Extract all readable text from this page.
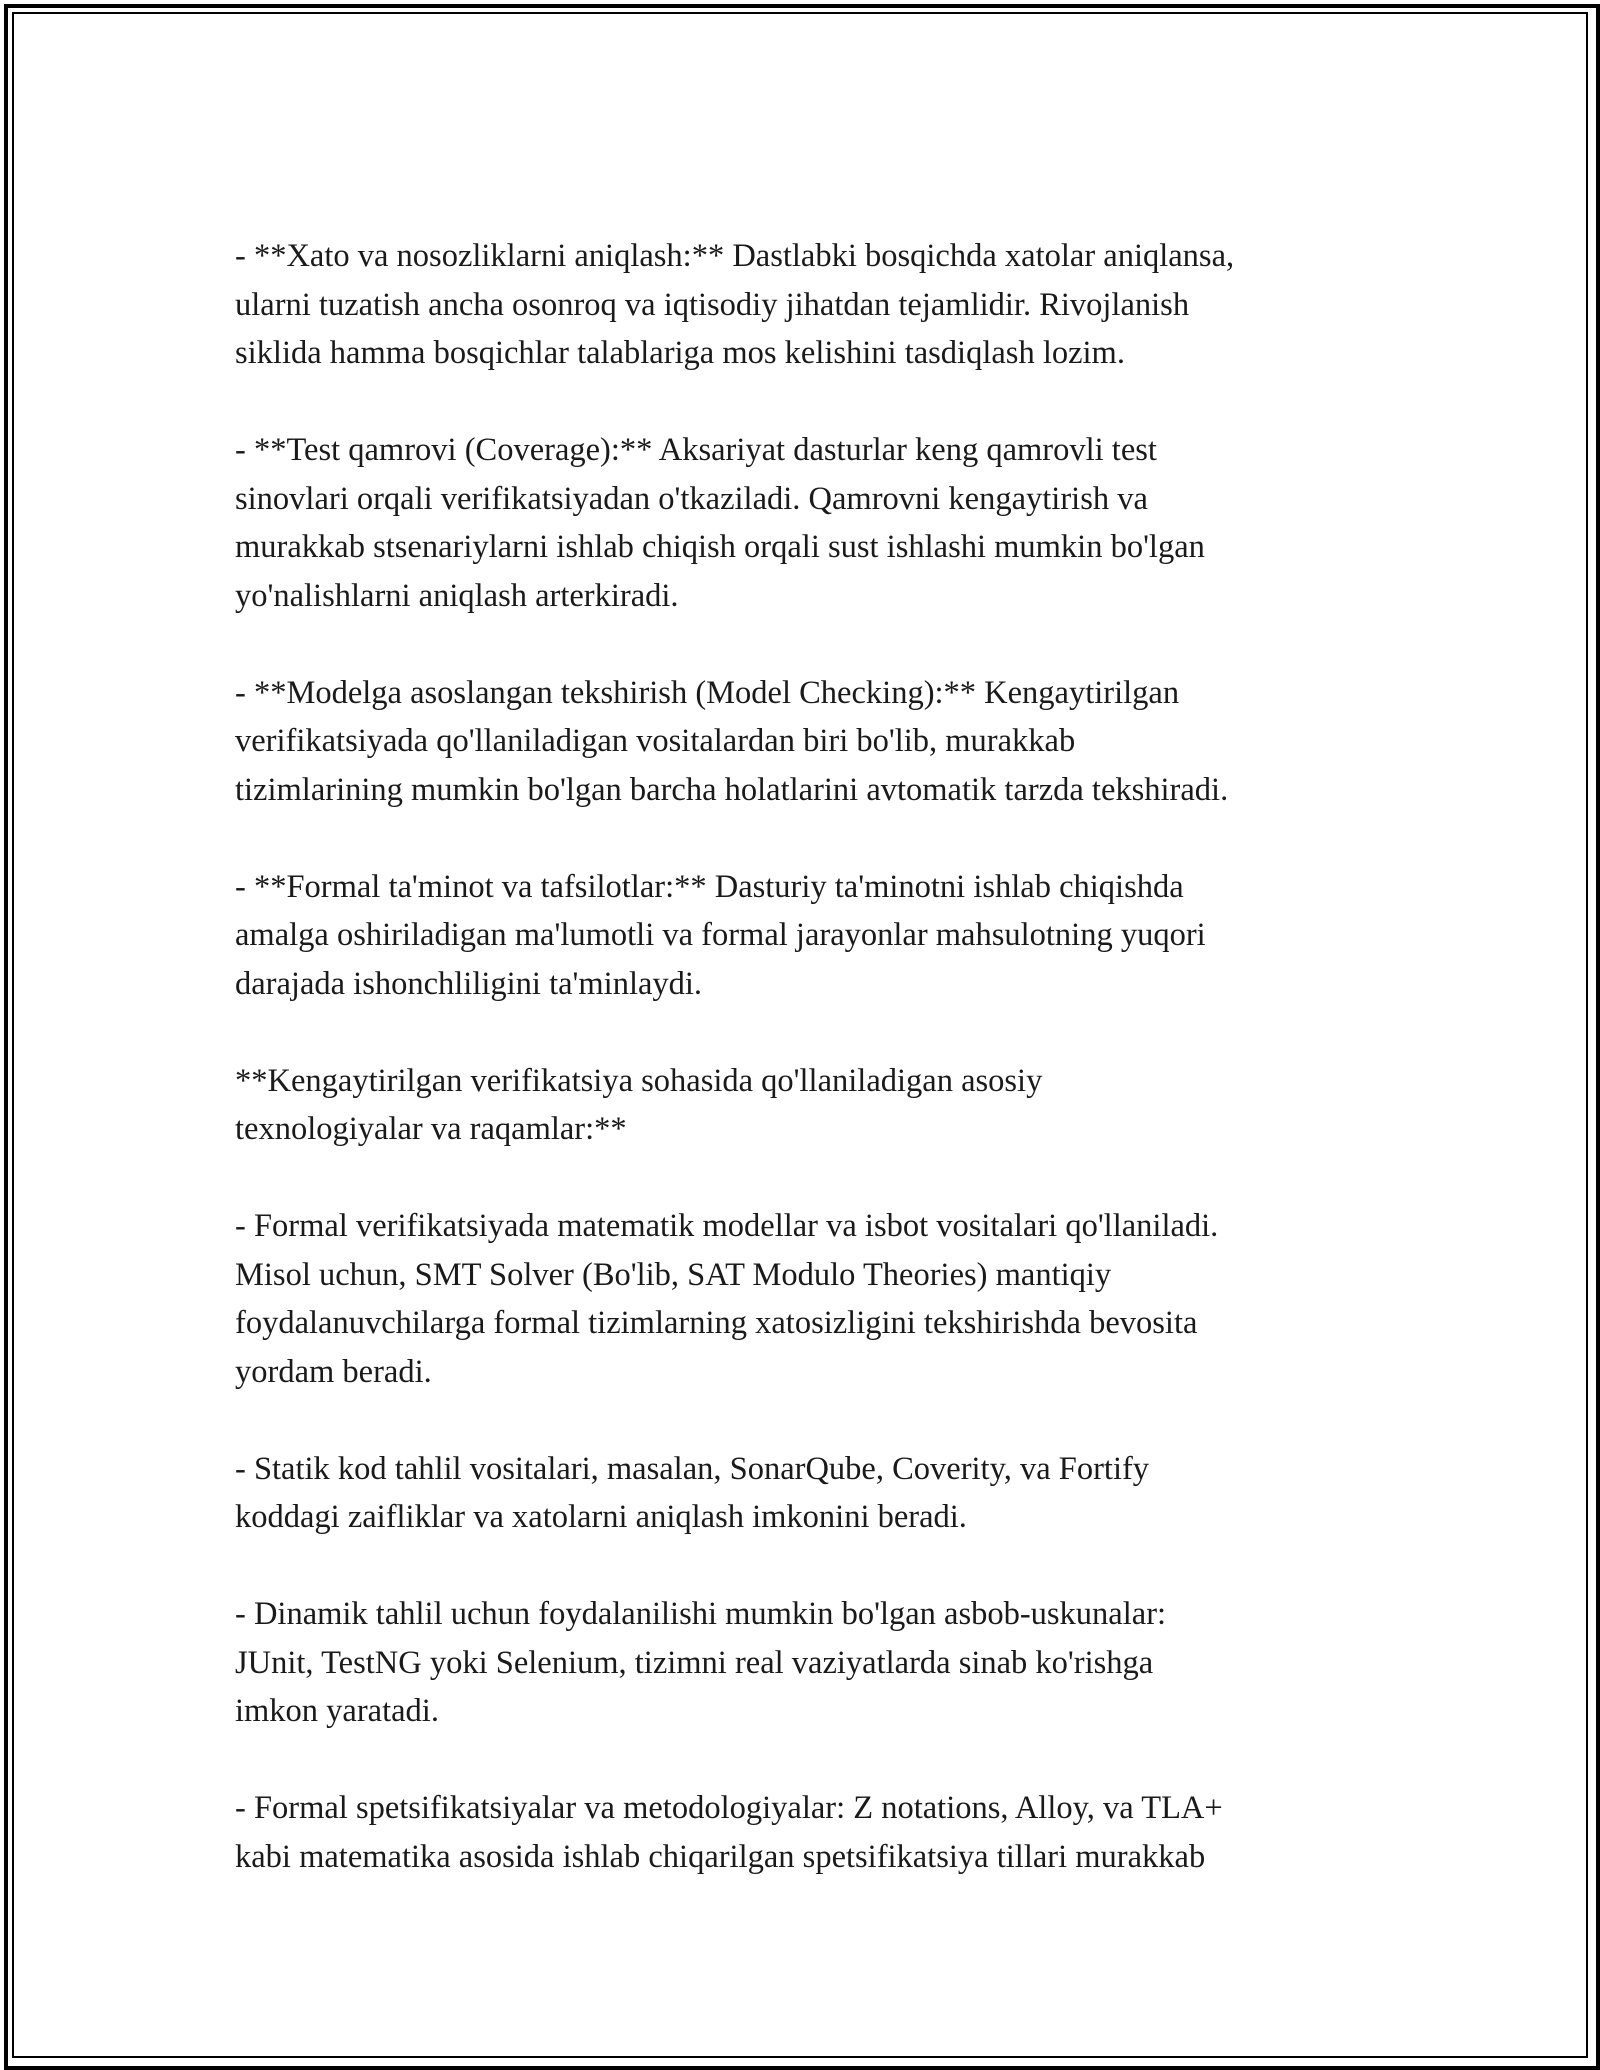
- **Xato va nosozliklarni aniqlash:** Dastlabki bosqichda xatolar aniqlansa,
ularni tuzatish ancha osonroq va iqtisodiy jihatdan tejamlidir. Rivojlanish
siklida hamma bosqichlar talablariga mos kelishini tasdiqlash lozim.

- **Test qamrovi (Coverage):** Aksariyat dasturlar keng qamrovli test
sinovlari orqali verifikatsiyadan o'tkaziladi. Qamrovni kengaytirish va
murakkab stsenariylarni ishlab chiqish orqali sust ishlashi mumkin bo'lgan
yo'nalishlarni aniqlash arterkiradi.

- **Modelga asoslangan tekshirish (Model Checking):** Kengaytirilgan
verifikatsiyada qo'llaniladigan vositalardan biri bo'lib, murakkab
tizimlarining mumkin bo'lgan barcha holatlarini avtomatik tarzda tekshiradi.

- **Formal ta'minot va tafsilotlar:** Dasturiy ta'minotni ishlab chiqishda
amalga oshiriladigan ma'lumotli va formal jarayonlar mahsulotning yuqori
darajada ishonchliligini ta'minlaydi.

**Kengaytirilgan verifikatsiya sohasida qo'llaniladigan asosiy
texnologiyalar va raqamlar:**

- Formal verifikatsiyada matematik modellar va isbot vositalari qo'llaniladi.
Misol uchun, SMT Solver (Bo'lib, SAT Modulo Theories) mantiqiy
foydalanuvchilarga formal tizimlarning xatosizligini tekshirishda bevosita
yordam beradi.

- Statik kod tahlil vositalari, masalan, SonarQube, Coverity, va Fortify
koddagi zaifliklar va xatolarni aniqlash imkonini beradi.

- Dinamik tahlil uchun foydalanilishi mumkin bo'lgan asbob-uskunalar:
JUnit, TestNG yoki Selenium, tizimni real vaziyatlarda sinab ko'rishga
imkon yaratadi.

- Formal spetsifikatsiyalar va metodologiyalar: Z notations, Alloy, va TLA+
kabi matematika asosida ishlab chiqarilgan spetsifikatsiya tillari murakkab
